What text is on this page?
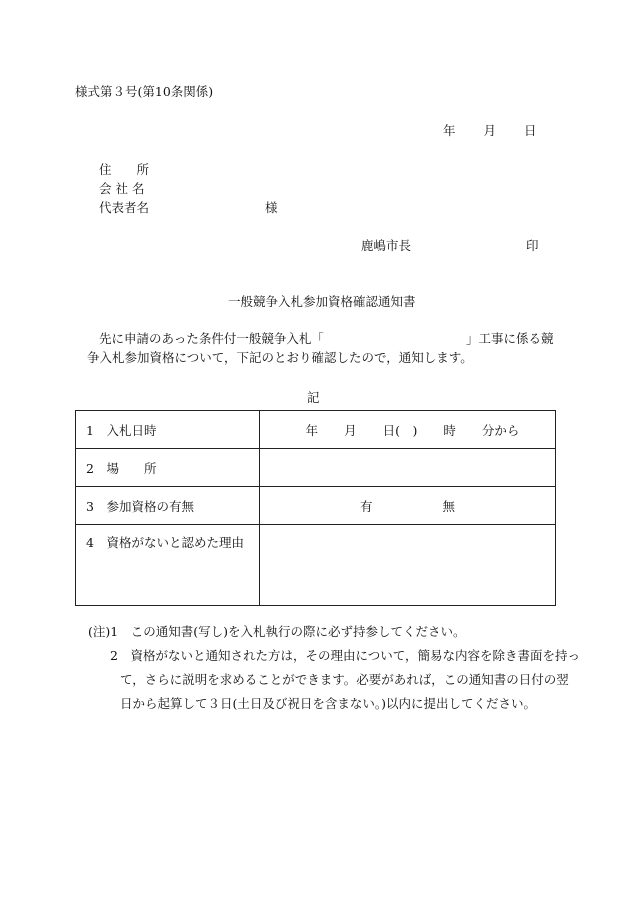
様式第３号(第10条関係)
年 月 日
住　　所
会 社 名
代表者名	様
鹿嶋市長	印
一般競争入札参加資格確認通知書
先に申請のあった条件付一般競争入札「	」工事に係る競
争入札参加資格について，下記のとおり確認したので，通知します。
記
1　入札日時	年 月 日(　) 時 分から
2　場　　所	
3　参加資格の有無	有 無
4　資格がないと認めた理由	
(注)1　この通知書(写し)を入札執行の際に必ず持参してください。
2　資格がないと通知された方は，その理由について，簡易な内容を除き書面を持っ
て，さらに説明を求めることができます。必要があれば，この通知書の日付の翌
日から起算して３日(土日及び祝日を含まない。)以内に提出してください。
